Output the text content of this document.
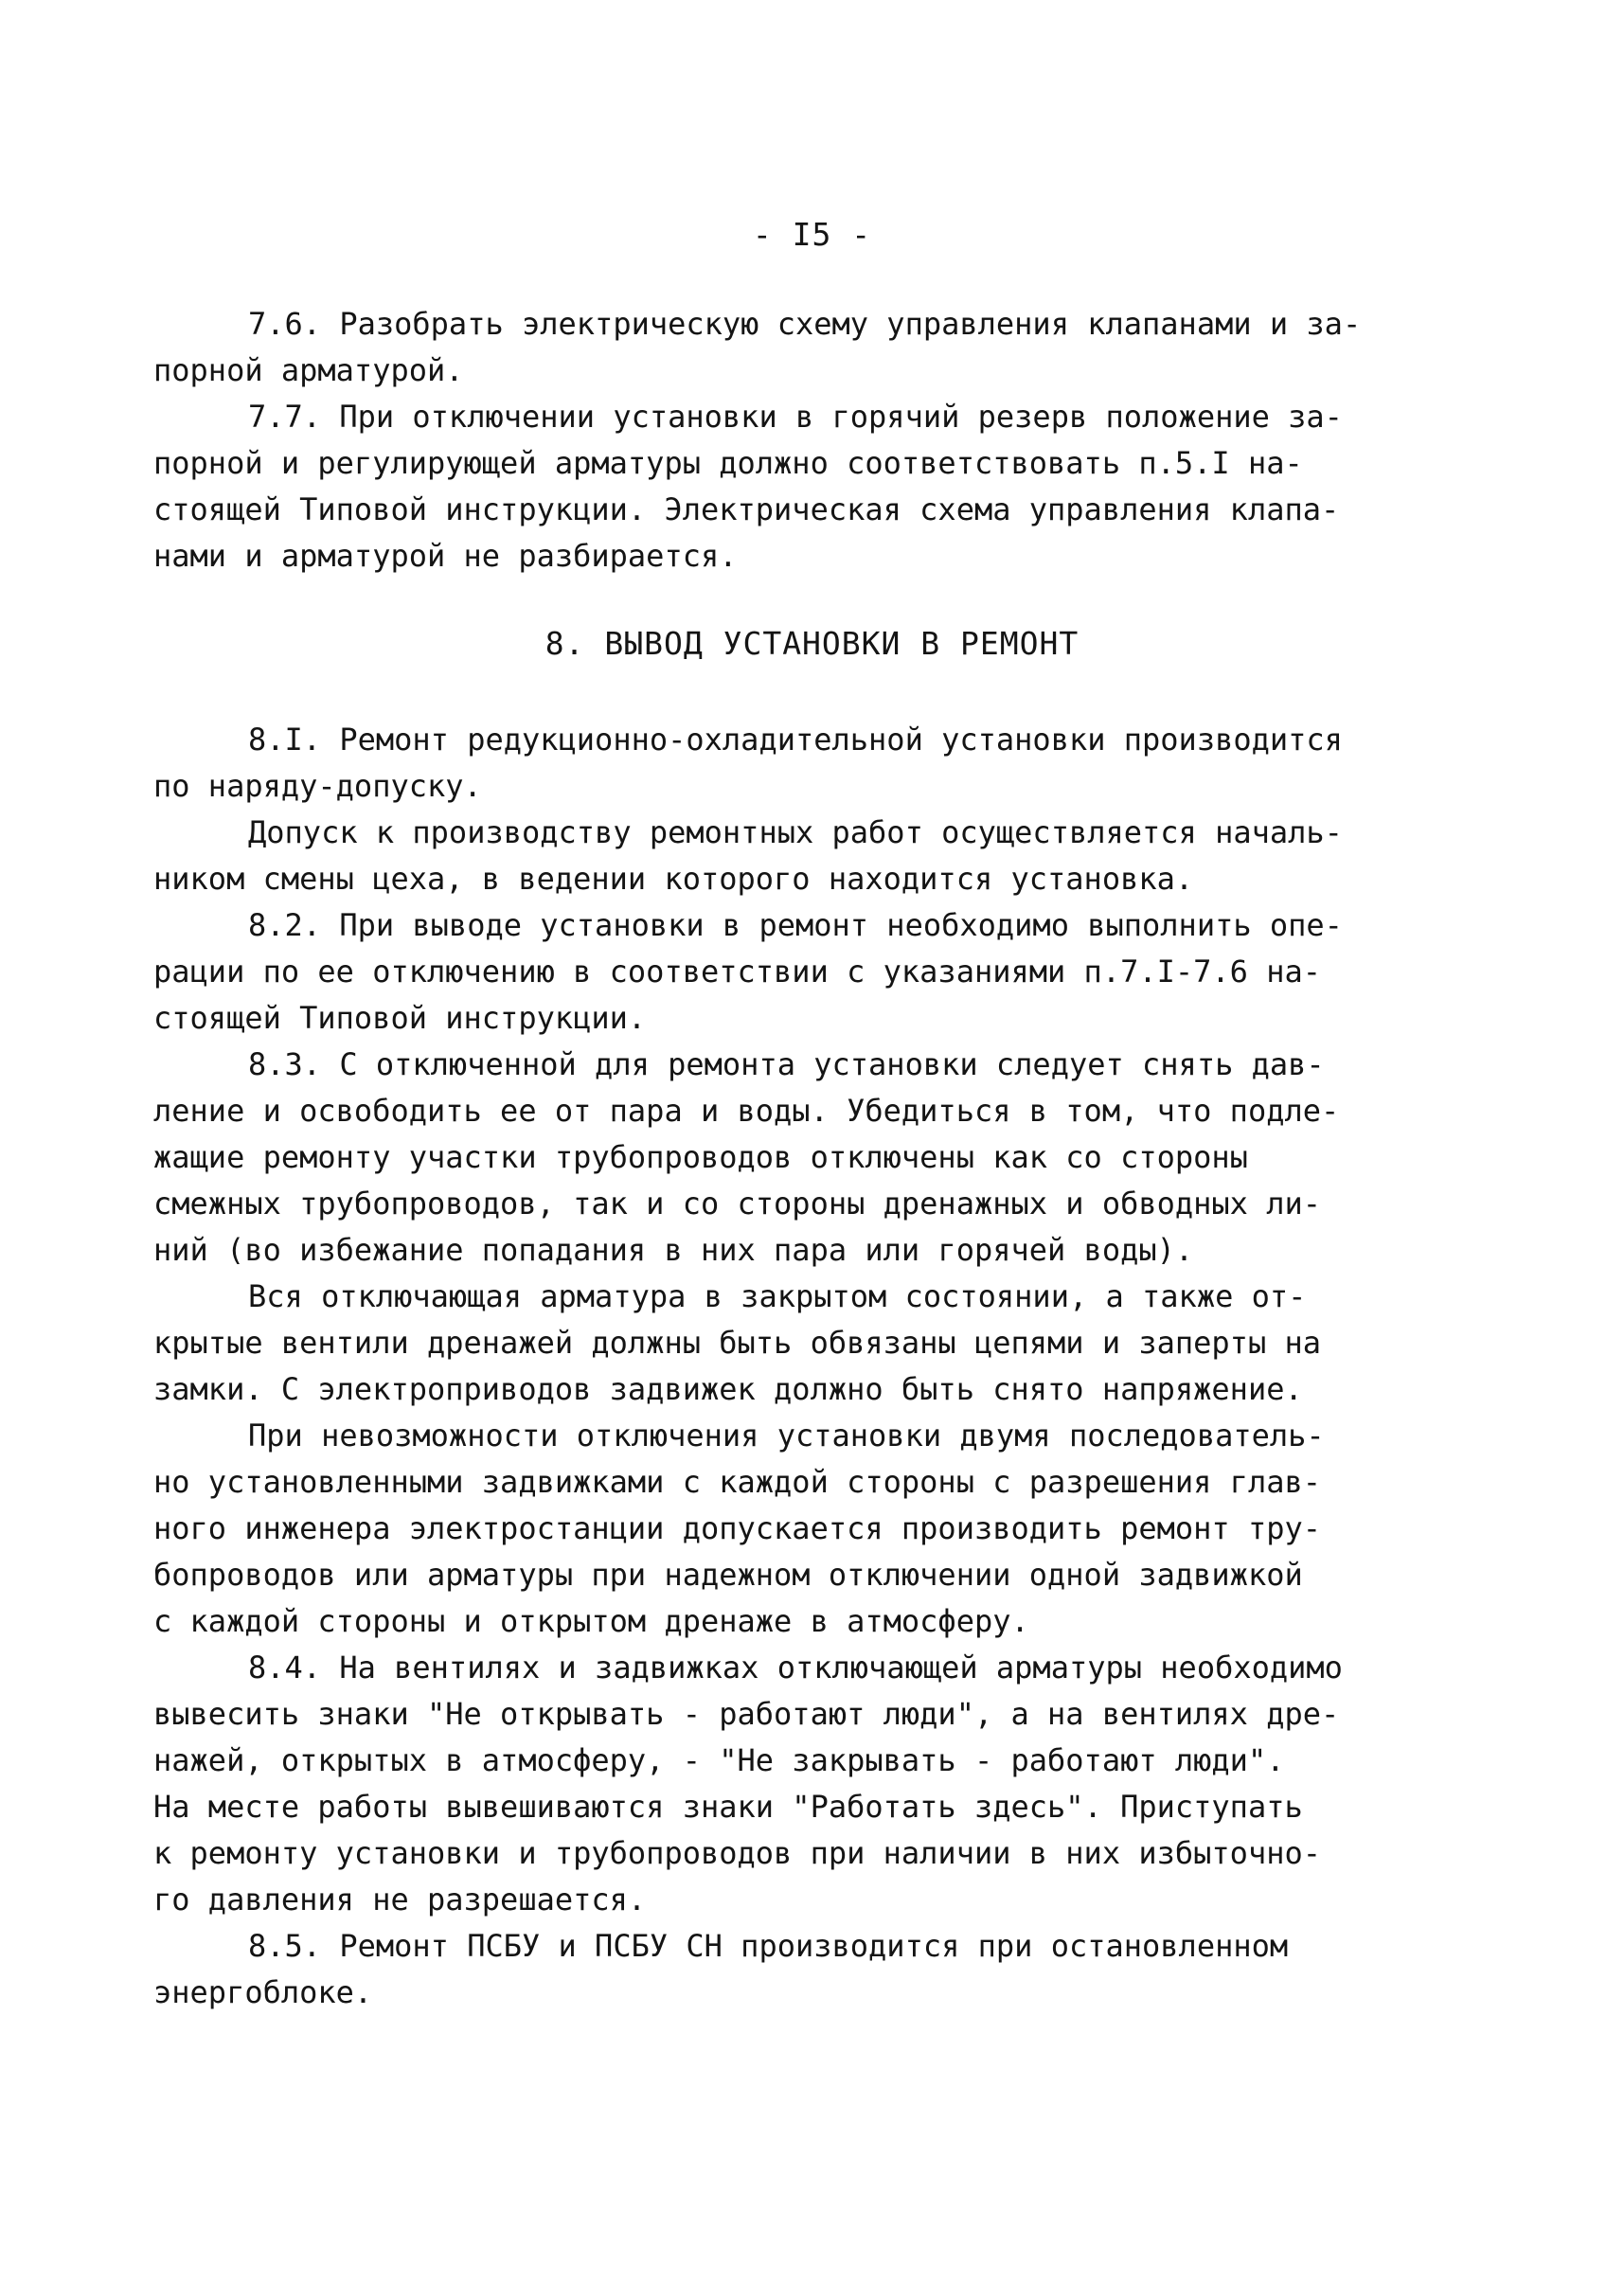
- I5 -
7.6. Разобрать электрическую схему управления клапанами и за-
порной арматурой.
7.7. При отключении установки в горячий резерв положение за-
порной и регулирующей арматуры должно соответствовать п.5.I на-
стоящей Типовой инструкции. Электрическая схема управления клапа-
нами и арматурой не разбирается.
8. ВЫВОД УСТАНОВКИ В РЕМОНТ
8.I. Ремонт редукционно-охладительной установки производится
по наряду-допуску.
Допуск к производству ремонтных работ осуществляется началь-
ником смены цеха, в ведении которого находится установка.
8.2. При выводе установки в ремонт необходимо выполнить опе-
рации по ее отключению в соответствии с указаниями п.7.I-7.6 на-
стоящей Типовой инструкции.
8.3. С отключенной для ремонта установки следует снять дав-
ление и освободить ее от пара и воды. Убедиться в том, что подле-
жащие ремонту участки трубопроводов отключены как со стороны
смежных трубопроводов, так и со стороны дренажных и обводных ли-
ний (во избежание попадания в них пара или горячей воды).
Вся отключающая арматура в закрытом состоянии, а также от-
крытые вентили дренажей должны быть обвязаны цепями и заперты на
замки. С электроприводов задвижек должно быть снято напряжение.
При невозможности отключения установки двумя последователь-
но установленными задвижками с каждой стороны с разрешения глав-
ного инженера электростанции допускается производить ремонт тру-
бопроводов или арматуры при надежном отключении одной задвижкой
с каждой стороны и открытом дренаже в атмосферу.
8.4. На вентилях и задвижках отключающей арматуры необходимо
вывесить знаки "Не открывать - работают люди", а на вентилях дре-
нажей, открытых в атмосферу, - "Не закрывать - работают люди".
На месте работы вывешиваются знаки "Работать здесь". Приступать
к ремонту установки и трубопроводов при наличии в них избыточно-
го давления не разрешается.
8.5. Ремонт ПСБУ и ПСБУ СН производится при остановленном
энергоблоке.
